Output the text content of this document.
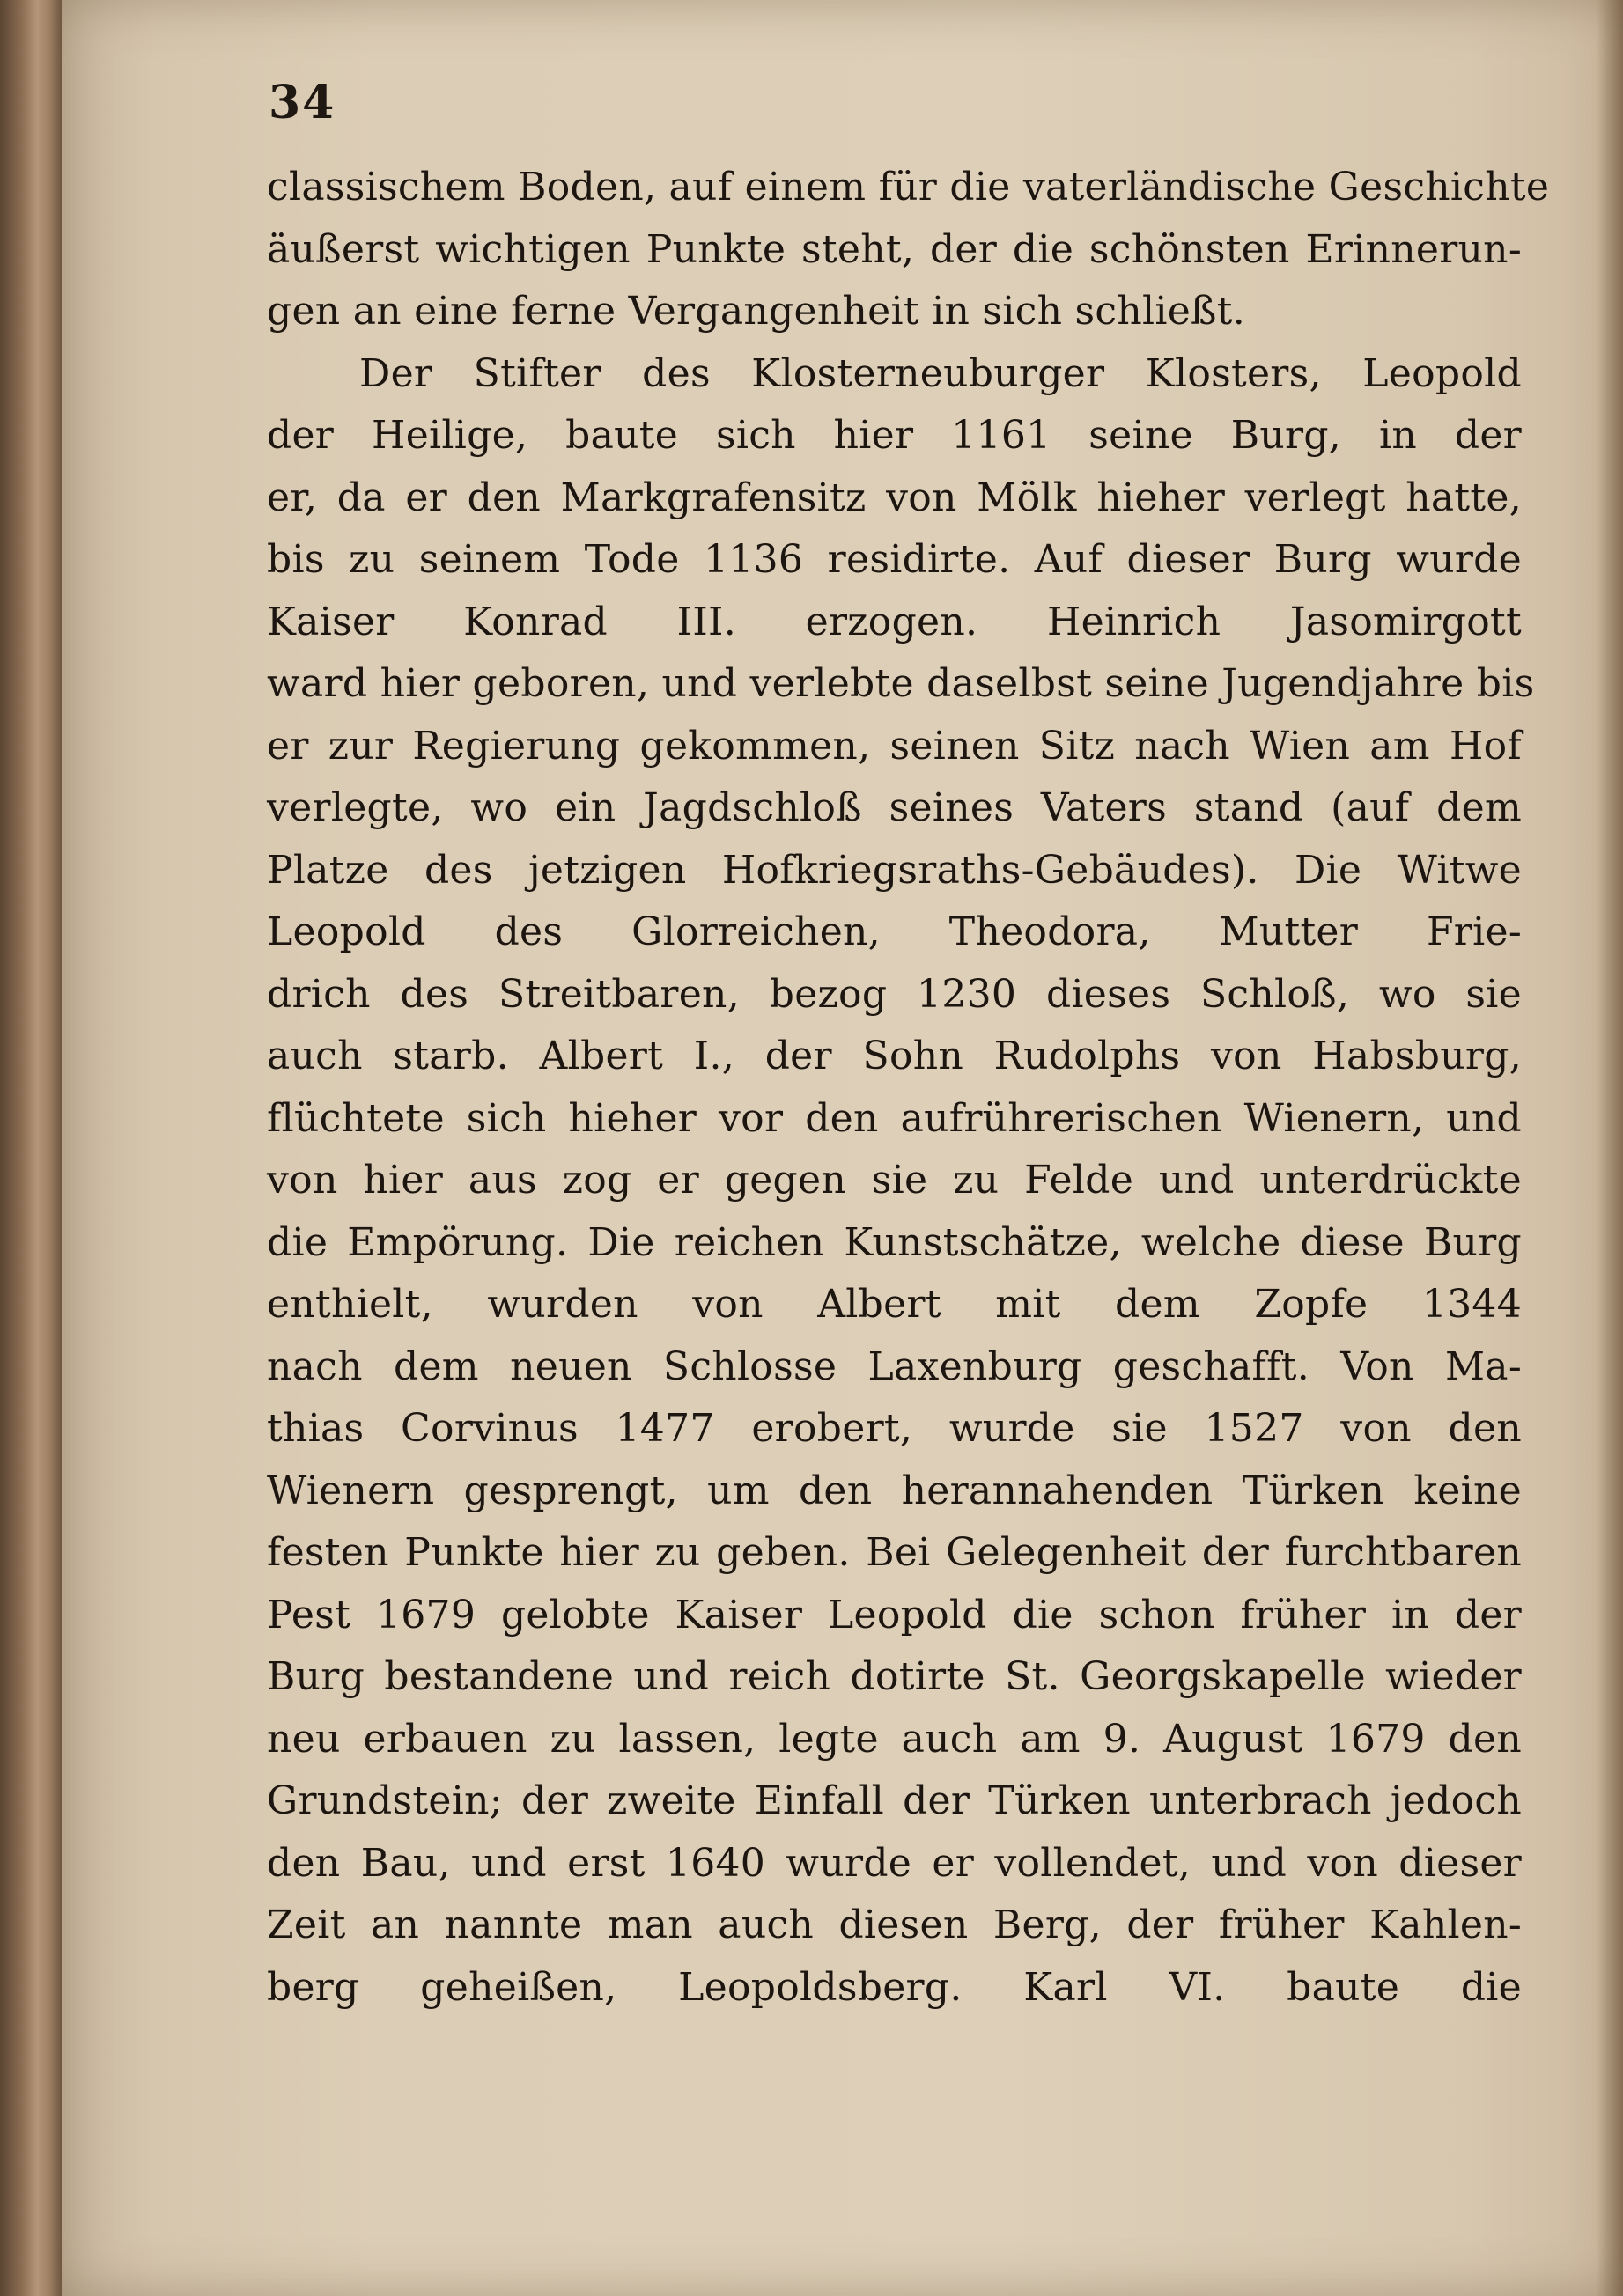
34
classischem Boden, auf einem für die vaterländische Geschichte
äußerst wichtigen Punkte steht, der die schönsten Erinnerun-
gen an eine ferne Vergangenheit in sich schließt.
Der Stifter des Klosterneuburger Klosters, Leopold
der Heilige, baute sich hier 1161 seine Burg, in der
er, da er den Markgrafensitz von Mölk hieher verlegt hatte,
bis zu seinem Tode 1136 residirte. Auf dieser Burg wurde
Kaiser Konrad III. erzogen. Heinrich Jasomirgott
ward hier geboren, und verlebte daselbst seine Jugendjahre bis
er zur Regierung gekommen, seinen Sitz nach Wien am Hof
verlegte, wo ein Jagdschloß seines Vaters stand (auf dem
Platze des jetzigen Hofkriegsraths-Gebäudes). Die Witwe
Leopold des Glorreichen, Theodora, Mutter Frie-
drich des Streitbaren, bezog 1230 dieses Schloß, wo sie
auch starb. Albert I., der Sohn Rudolphs von Habsburg,
flüchtete sich hieher vor den aufrührerischen Wienern, und
von hier aus zog er gegen sie zu Felde und unterdrückte
die Empörung. Die reichen Kunstschätze, welche diese Burg
enthielt, wurden von Albert mit dem Zopfe 1344
nach dem neuen Schlosse Laxenburg geschafft. Von Ma-
thias Corvinus 1477 erobert, wurde sie 1527 von den
Wienern gesprengt, um den herannahenden Türken keine
festen Punkte hier zu geben. Bei Gelegenheit der furchtbaren
Pest 1679 gelobte Kaiser Leopold die schon früher in der
Burg bestandene und reich dotirte St. Georgskapelle wieder
neu erbauen zu lassen, legte auch am 9. August 1679 den
Grundstein; der zweite Einfall der Türken unterbrach jedoch
den Bau, und erst 1640 wurde er vollendet, und von dieser
Zeit an nannte man auch diesen Berg, der früher Kahlen-
berg geheißen, Leopoldsberg. Karl VI. baute die
